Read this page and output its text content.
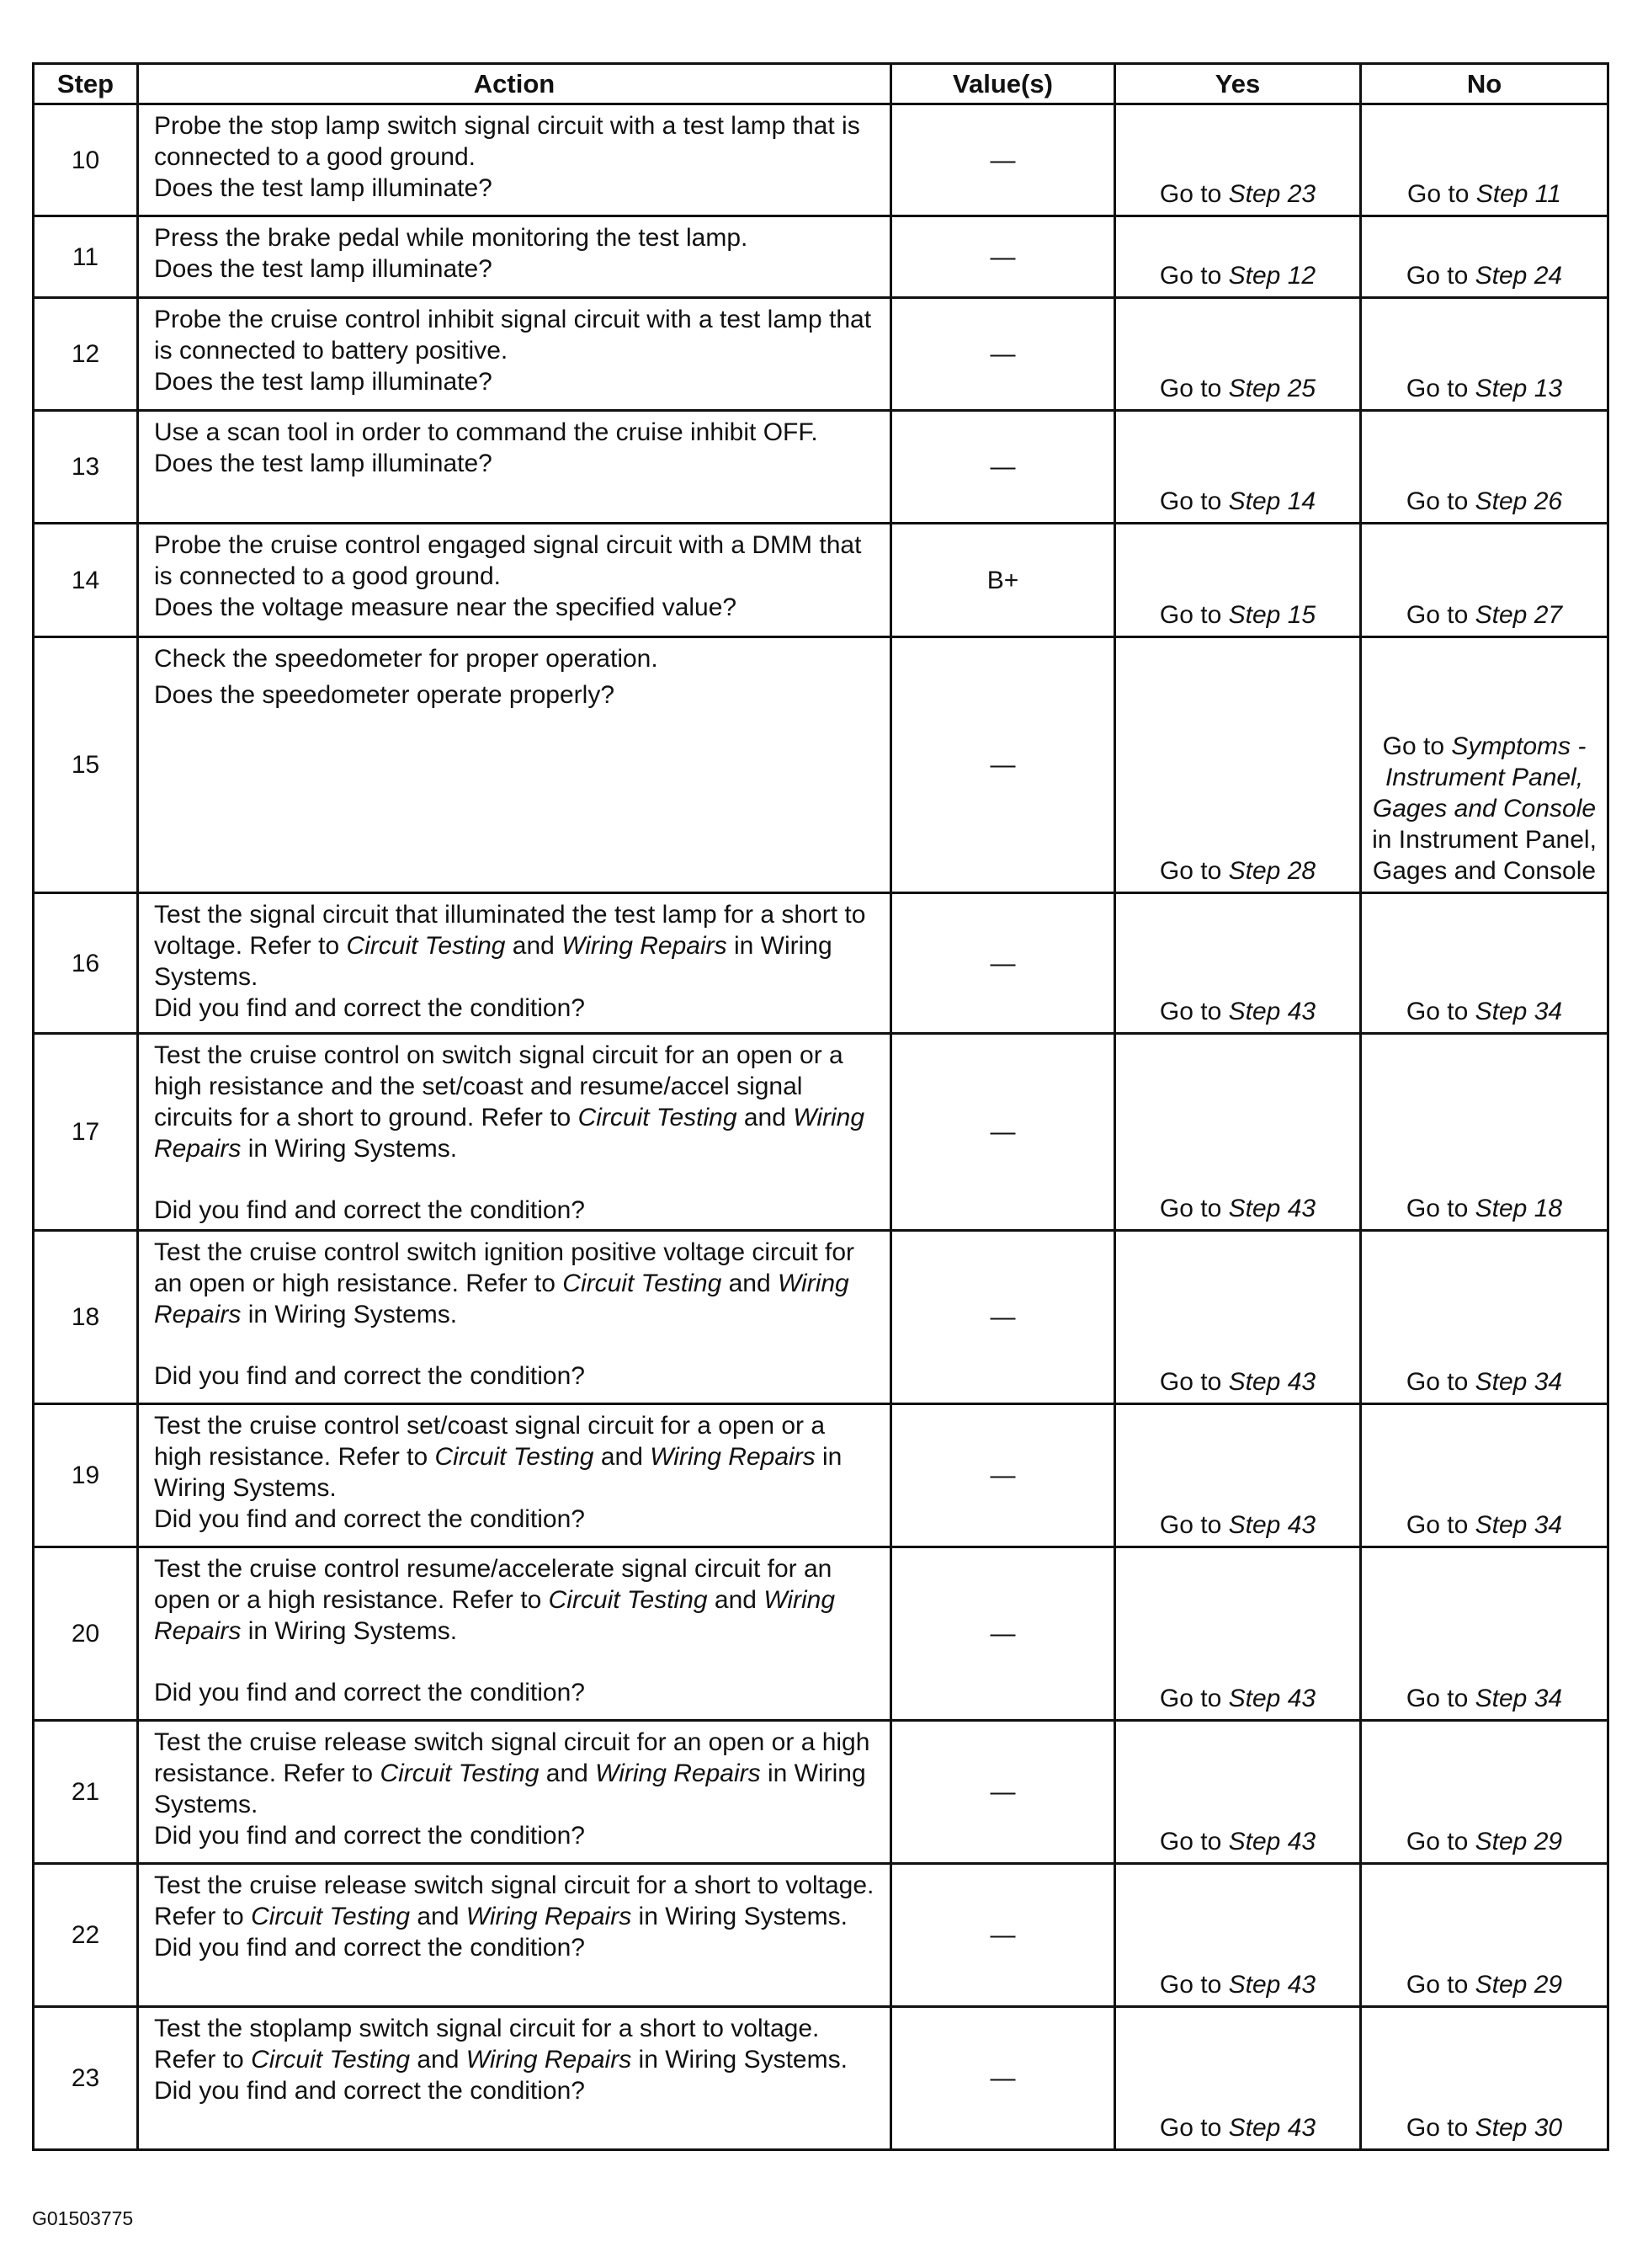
Step	Action	Value(s)	Yes	No
10	Probe the stop lamp switch signal circuit with a test lamp that is connected to a good ground.
Does the test lamp illuminate?	—	Go to Step 23	Go to Step 11
11	Press the brake pedal while monitoring the test lamp.
Does the test lamp illuminate?	—	Go to Step 12	Go to Step 24
12	Probe the cruise control inhibit signal circuit with a test lamp that is connected to battery positive.
Does the test lamp illuminate?	—	Go to Step 25	Go to Step 13
13	Use a scan tool in order to command the cruise inhibit OFF.
Does the test lamp illuminate?	—	Go to Step 14	Go to Step 26
14	Probe the cruise control engaged signal circuit with a DMM that is connected to a good ground.
Does the voltage measure near the specified value?	B+	Go to Step 15	Go to Step 27
15	Check the speedometer for proper operation.
Does the speedometer operate properly?	—	Go to Step 28	Go to Symptoms - Instrument Panel, Gages and Console in Instrument Panel, Gages and Console
16	Test the signal circuit that illuminated the test lamp for a short to voltage. Refer to Circuit Testing and Wiring Repairs in Wiring Systems.
Did you find and correct the condition?	—	Go to Step 43	Go to Step 34
17	Test the cruise control on switch signal circuit for an open or a high resistance and the set/coast and resume/accel signal circuits for a short to ground. Refer to Circuit Testing and Wiring Repairs in Wiring Systems.
Did you find and correct the condition?	—	Go to Step 43	Go to Step 18
18	Test the cruise control switch ignition positive voltage circuit for an open or high resistance. Refer to Circuit Testing and Wiring Repairs in Wiring Systems.
Did you find and correct the condition?	—	Go to Step 43	Go to Step 34
19	Test the cruise control set/coast signal circuit for a open or a high resistance. Refer to Circuit Testing and Wiring Repairs in Wiring Systems.
Did you find and correct the condition?	—	Go to Step 43	Go to Step 34
20	Test the cruise control resume/accelerate signal circuit for an open or a high resistance. Refer to Circuit Testing and Wiring Repairs in Wiring Systems.
Did you find and correct the condition?	—	Go to Step 43	Go to Step 34
21	Test the cruise release switch signal circuit for an open or a high resistance. Refer to Circuit Testing and Wiring Repairs in Wiring Systems.
Did you find and correct the condition?	—	Go to Step 43	Go to Step 29
22	Test the cruise release switch signal circuit for a short to voltage. Refer to Circuit Testing and Wiring Repairs in Wiring Systems.
Did you find and correct the condition?	—	Go to Step 43	Go to Step 29
23	Test the stoplamp switch signal circuit for a short to voltage. Refer to Circuit Testing and Wiring Repairs in Wiring Systems.
Did you find and correct the condition?	—	Go to Step 43	Go to Step 30
G01503775
